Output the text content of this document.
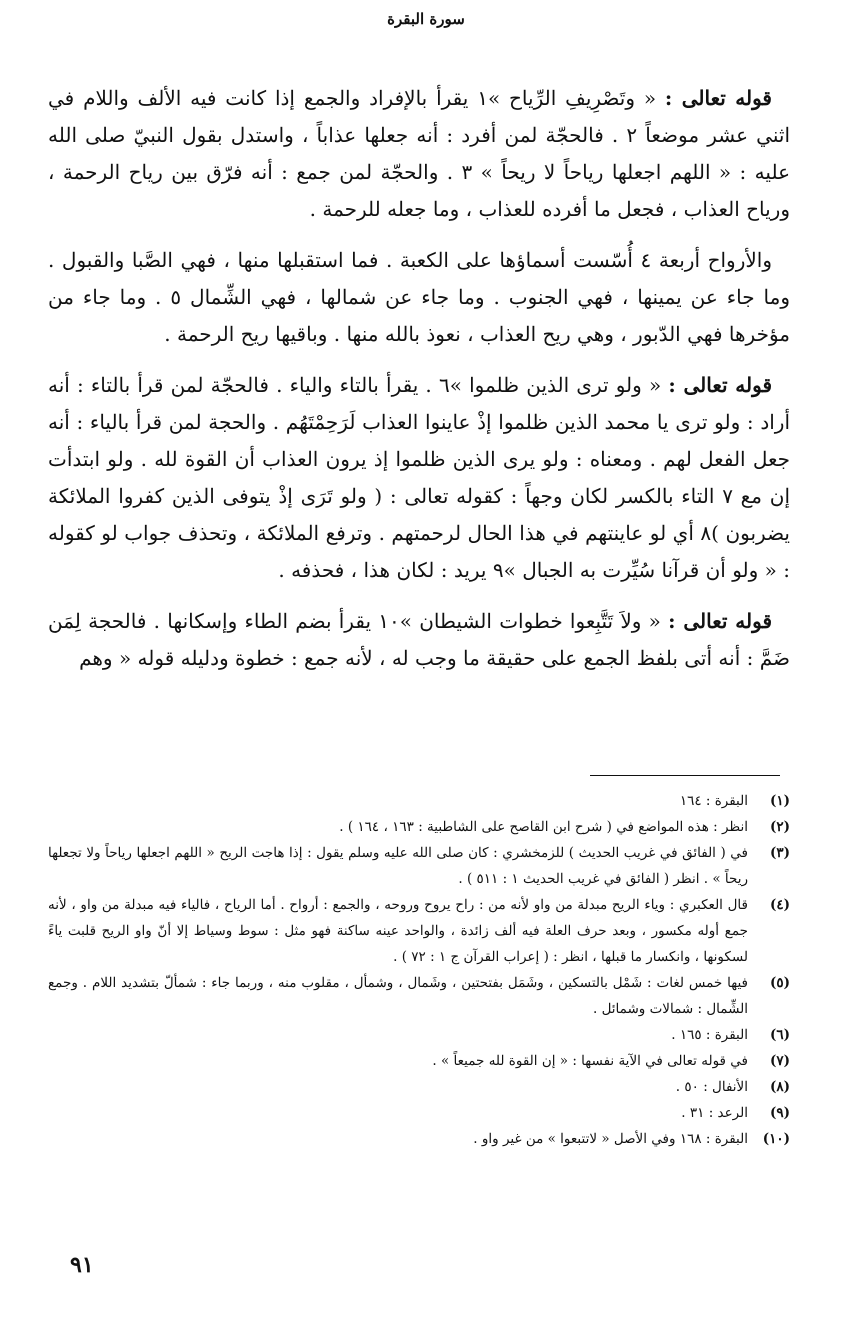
سورة البقرة

قوله تعالى : « وتَصْرِيفِ الرِّياح »١ يقرأ بالإفراد والجمع إذا كانت فيه الألف واللام في اثني عشر موضعاً ٢ . فالحجّة لمن أفرد : أنه جعلها عذاباً ، واستدل بقول النبيّ صلى الله عليه : « اللهم اجعلها رياحاً لا ريحاً » ٣ . والحجّة لمن جمع : أنه فرّق بين رياح الرحمة ، ورياح العذاب ، فجعل ما أفرده للعذاب ، وما جعله للرحمة .

والأرواح أربعة ٤ أُسّست أسماؤها على الكعبة . فما استقبلها منها ، فهي الصَّبا والقبول . وما جاء عن يمينها ، فهي الجنوب . وما جاء عن شمالها ، فهي الشِّمال ٥ . وما جاء من مؤخرها فهي الدّبور ، وهي ريح العذاب ، نعوذ بالله منها . وباقيها ريح الرحمة .

قوله تعالى : « ولو ترى الذين ظلموا »٦ . يقرأ بالتاء والياء . فالحجّة لمن قرأ بالتاء : أنه أراد : ولو ترى يا محمد الذين ظلموا إذْ عاينوا العذاب لَرَحِمْتَهُم . والحجة لمن قرأ بالياء : أنه جعل الفعل لهم . ومعناه : ولو يرى الذين ظلموا إذ يرون العذاب أن القوة لله . ولو ابتدأت إن مع ٧ التاء بالكسر لكان وجهاً : كقوله تعالى : ( ولو تَرَى إذْ يتوفى الذين كفروا الملائكة يضربون )٨ أي لو عاينتهم في هذا الحال لرحمتهم . وترفع الملائكة ، وتحذف جواب لو كقوله : « ولو أن قرآنا سُيِّرت به الجبال »٩ يريد : لكان هذا ، فحذفه .

قوله تعالى : « ولاَ تَتَّبِعوا خطوات الشيطان »١٠ يقرأ بضم الطاء وإسكانها . فالحجة لِمَن ضَمَّ : أنه أتى بلفظ الجمع على حقيقة ما وجب له ، لأنه جمع : خطوة ودليله قوله « وهم

(١)
البقرة : ١٦٤
(٢)
انظر : هذه المواضع في ( شرح ابن القاصح على الشاطبية : ١٦٣ ، ١٦٤ ) .
(٣)
في ( الفائق في غريب الحديث ) للزمخشري : كان صلى الله عليه وسلم يقول : إذا هاجت الريح « اللهم اجعلها رياحاً ولا تجعلها ريحاً » . انظر ( الفائق في غريب الحديث ١ : ٥١١ ) .
(٤)
قال العكبري : وياء الريح مبدلة من واو لأنه من : راح يروح وروحه ، والجمع : أرواح . أما الرياح ، فالياء فيه مبدلة من واو ، لأنه جمع أوله مكسور ، وبعد حرف العلة فيه ألف زائدة ، والواحد عينه ساكنة فهو مثل : سوط وسياط إلا أنّ واو الريح قلبت ياءً لسكونها ، وانكسار ما قبلها ، انظر : ( إعراب القرآن ج ١ : ٧٢ ) .
(٥)
فيها خمس لغات : شَمْل بالتسكين ، وشَمَل بفتحتين ، وشَمال ، وشمأل ، مقلوب منه ، وربما جاء : شمألّ بتشديد اللام . وجمع الشِّمال : شمالات وشمائل .
(٦)
البقرة : ١٦٥ .
(٧)
في قوله تعالى في الآية نفسها : « إن القوة لله جميعاً » .
(٨)
الأنفال : ٥٠ .
(٩)
الرعد : ٣١ .
(١٠)
البقرة : ١٦٨ وفي الأصل « لاتتبعوا » من غير واو .
٩١
